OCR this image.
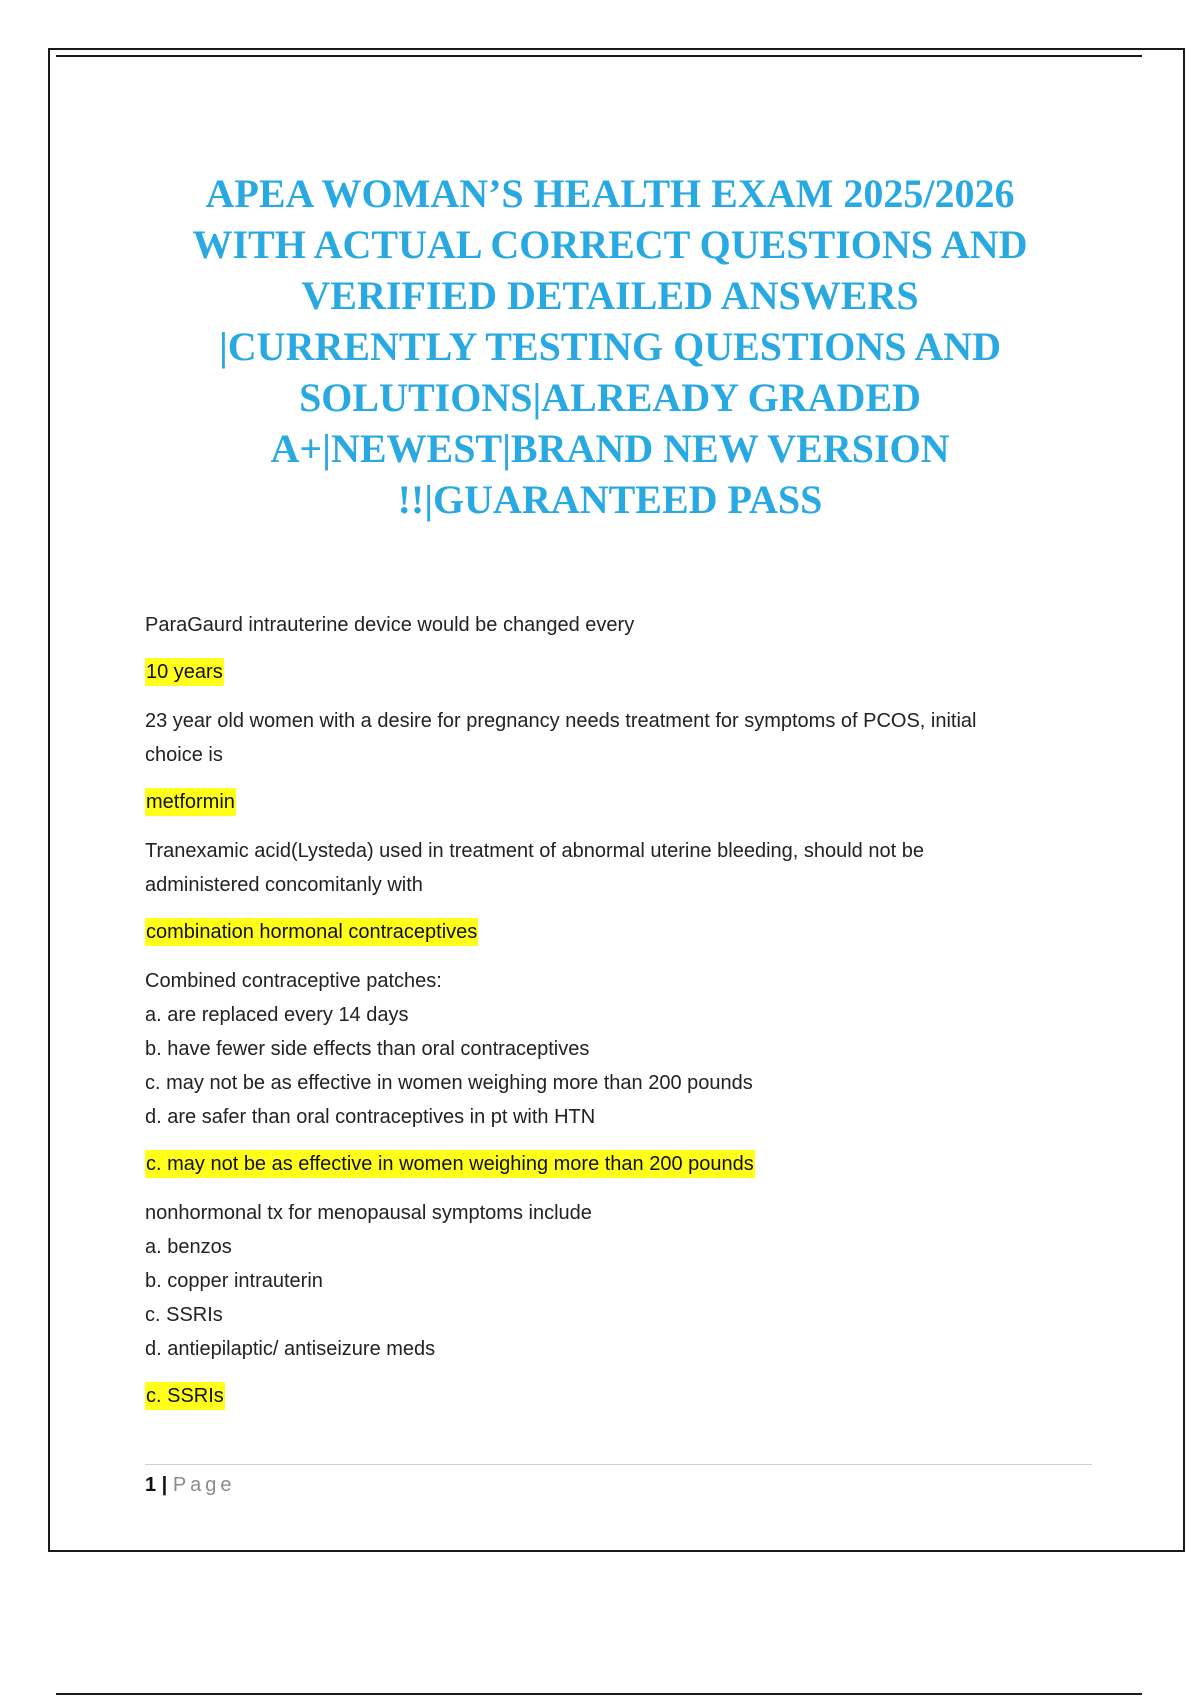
APEA WOMAN’S HEALTH EXAM 2025/2026
WITH ACTUAL CORRECT QUESTIONS AND
VERIFIED DETAILED ANSWERS
|CURRENTLY TESTING QUESTIONS AND
SOLUTIONS|ALREADY GRADED
A+|NEWEST|BRAND NEW VERSION
!!|GUARANTEED PASS
ParaGaurd intrauterine device would be changed every
10 years
23 year old women with a desire for pregnancy needs treatment for symptoms of PCOS, initial
choice is
metformin
Tranexamic acid(Lysteda) used in treatment of abnormal uterine bleeding, should not be
administered concomitanly with
combination hormonal contraceptives
Combined contraceptive patches:
a. are replaced every 14 days
b. have fewer side effects than oral contraceptives
c. may not be as effective in women weighing more than 200 pounds
d. are safer than oral contraceptives in pt with HTN
c. may not be as effective in women weighing more than 200 pounds
nonhormonal tx for menopausal symptoms include
a. benzos
b. copper intrauterin
c. SSRIs
d. antiepilaptic/ antiseizure meds
c. SSRIs
1 | Page
